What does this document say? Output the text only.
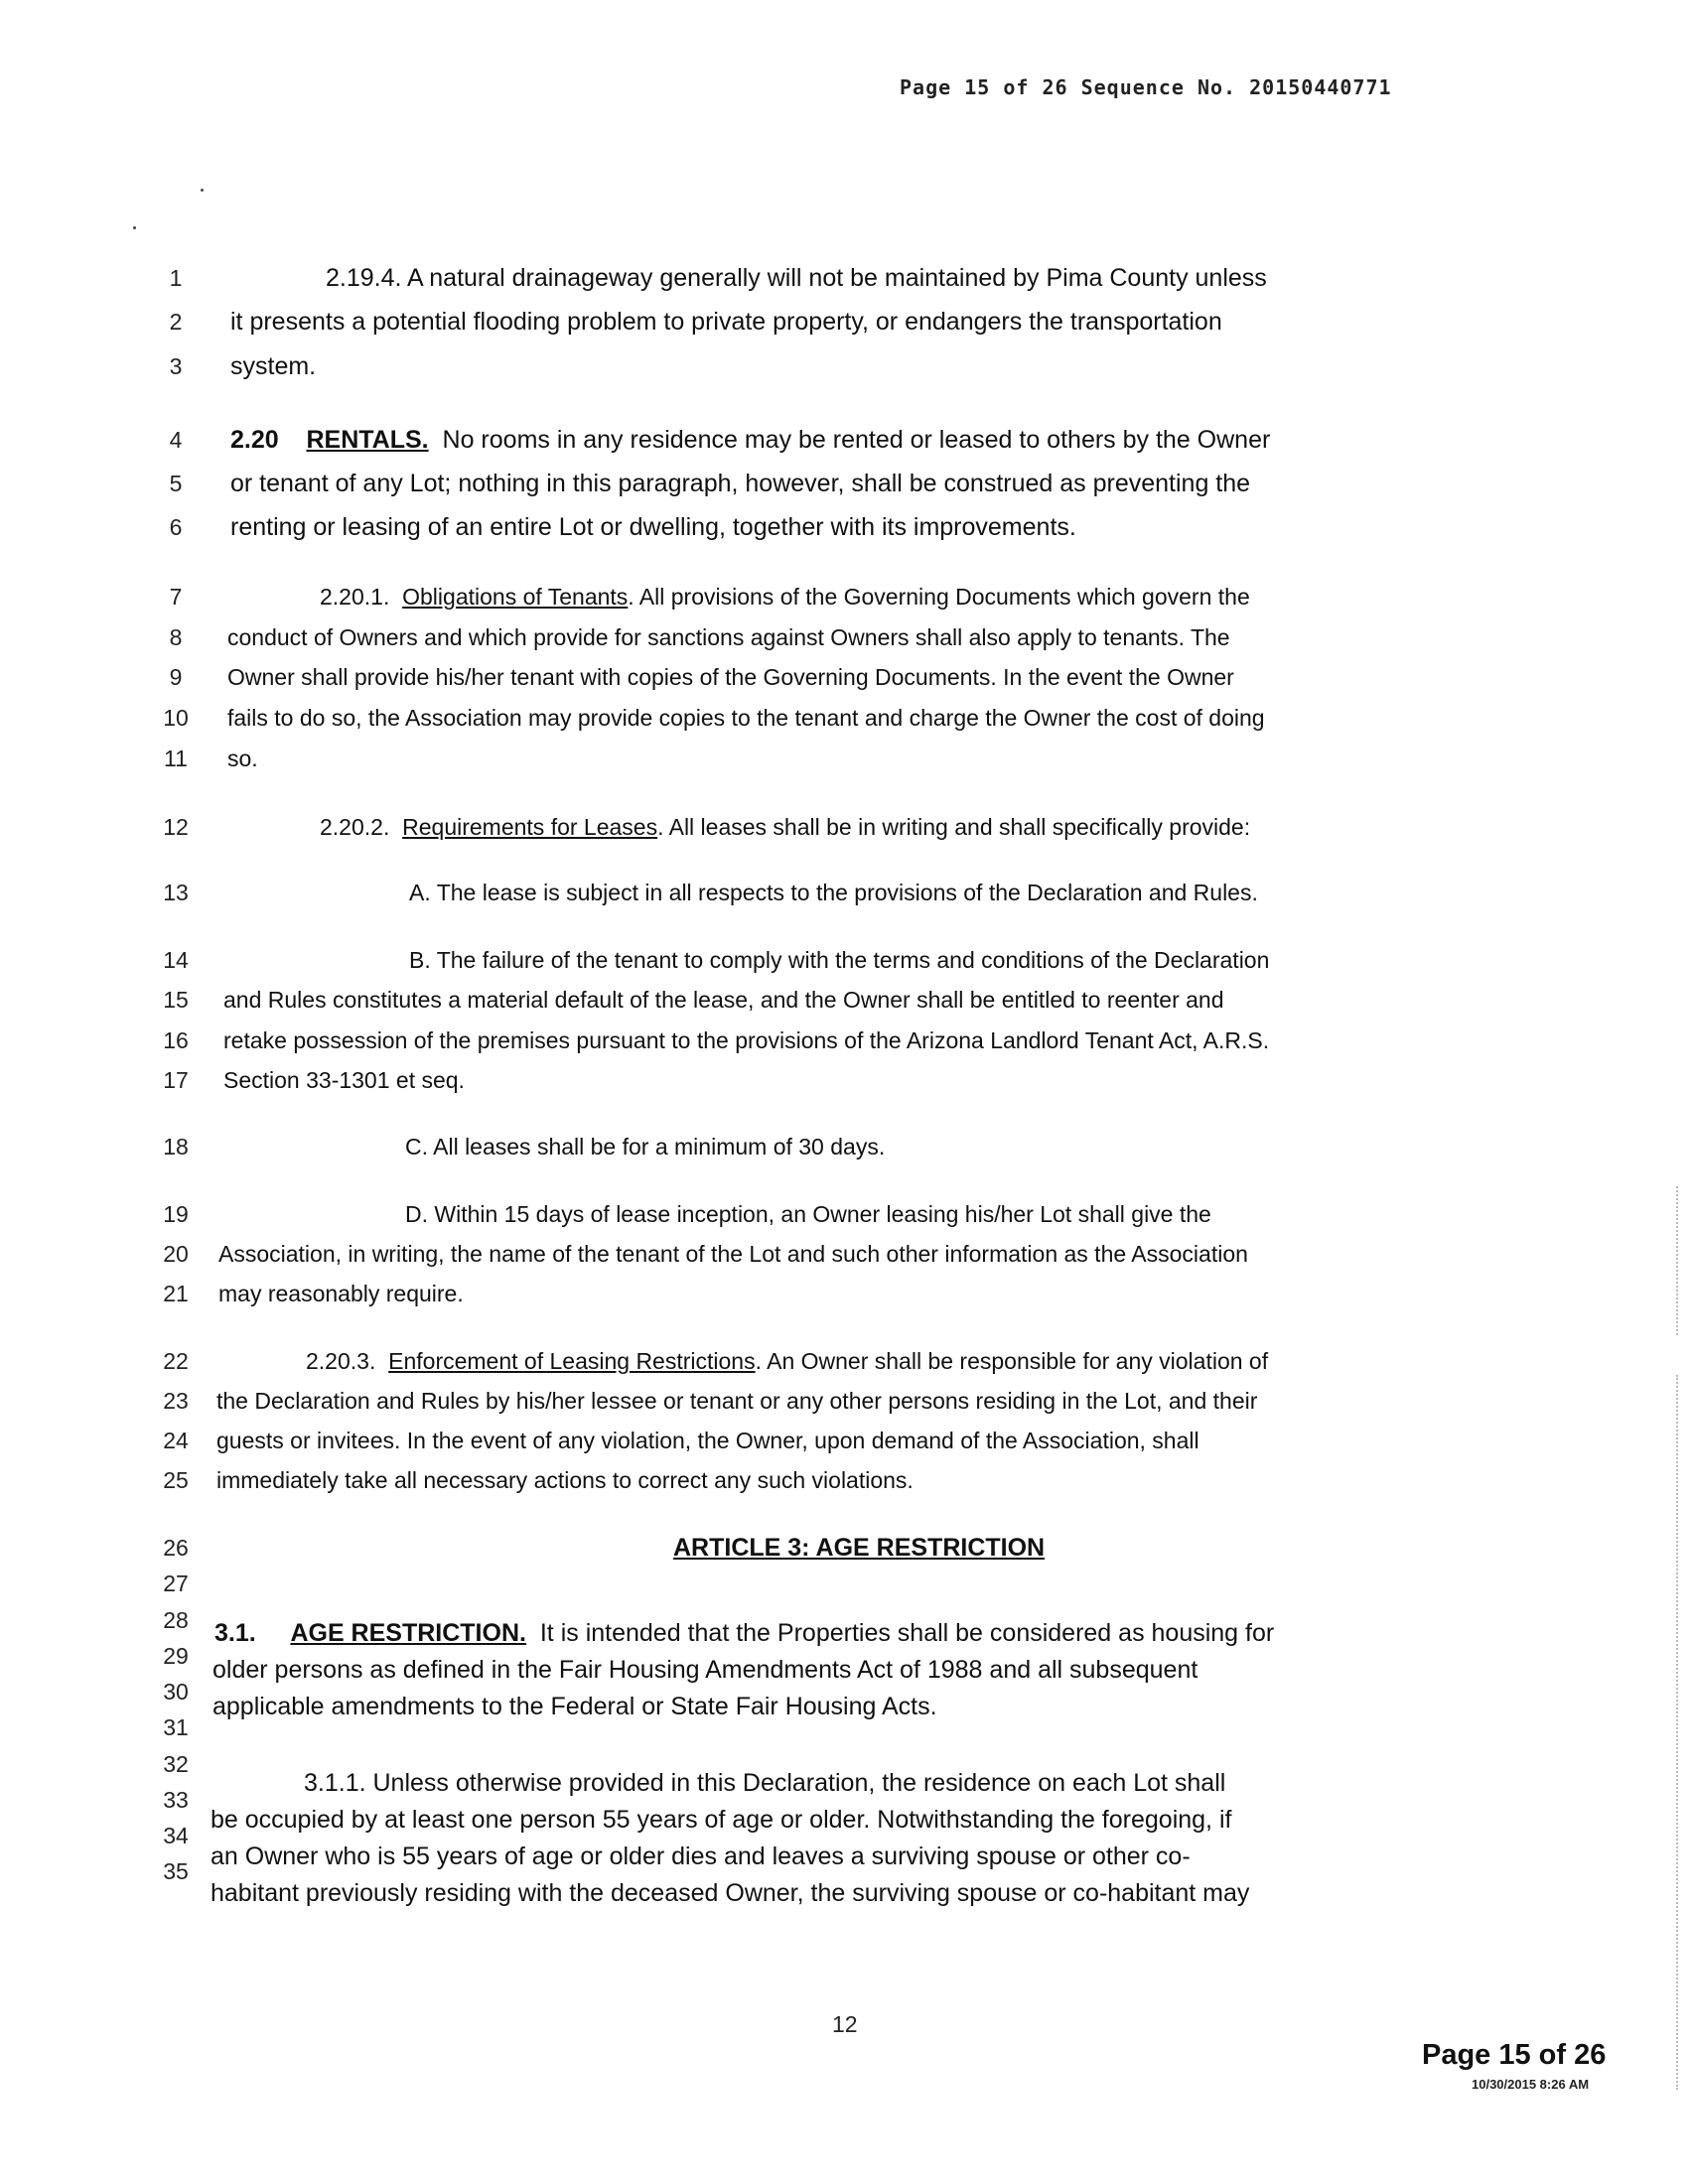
Page 15 of 26 Sequence No. 20150440771
1
2
3
4
5
6
7
8
9
10
11
12
13
14
15
16
17
18
19
20
21
22
23
24
25
26
27
28
29
30
31
32
33
34
35
2.19.4. A natural drainageway generally will not be maintained by Pima County unless
it presents a potential flooding problem to private property, or endangers the transportation
system.
2.20 RENTALS. No rooms in any residence may be rented or leased to others by the Owner
or tenant of any Lot; nothing in this paragraph, however, shall be construed as preventing the
renting or leasing of an entire Lot or dwelling, together with its improvements.
2.20.1. Obligations of Tenants. All provisions of the Governing Documents which govern the
conduct of Owners and which provide for sanctions against Owners shall also apply to tenants. The
Owner shall provide his/her tenant with copies of the Governing Documents. In the event the Owner
fails to do so, the Association may provide copies to the tenant and charge the Owner the cost of doing
so.
2.20.2. Requirements for Leases. All leases shall be in writing and shall specifically provide:
A. The lease is subject in all respects to the provisions of the Declaration and Rules.
B. The failure of the tenant to comply with the terms and conditions of the Declaration
and Rules constitutes a material default of the lease, and the Owner shall be entitled to reenter and
retake possession of the premises pursuant to the provisions of the Arizona Landlord Tenant Act, A.R.S.
Section 33-1301 et seq.
C. All leases shall be for a minimum of 30 days.
D. Within 15 days of lease inception, an Owner leasing his/her Lot shall give the
Association, in writing, the name of the tenant of the Lot and such other information as the Association
may reasonably require.
2.20.3. Enforcement of Leasing Restrictions. An Owner shall be responsible for any violation of
the Declaration and Rules by his/her lessee or tenant or any other persons residing in the Lot, and their
guests or invitees. In the event of any violation, the Owner, upon demand of the Association, shall
immediately take all necessary actions to correct any such violations.
ARTICLE 3: AGE RESTRICTION
3.1. AGE RESTRICTION. It is intended that the Properties shall be considered as housing for
older persons as defined in the Fair Housing Amendments Act of 1988 and all subsequent
applicable amendments to the Federal or State Fair Housing Acts.
3.1.1. Unless otherwise provided in this Declaration, the residence on each Lot shall
be occupied by at least one person 55 years of age or older. Notwithstanding the foregoing, if
an Owner who is 55 years of age or older dies and leaves a surviving spouse or other co-
habitant previously residing with the deceased Owner, the surviving spouse or co-habitant may
12
Page 15 of 26
10/30/2015 8:26 AM
